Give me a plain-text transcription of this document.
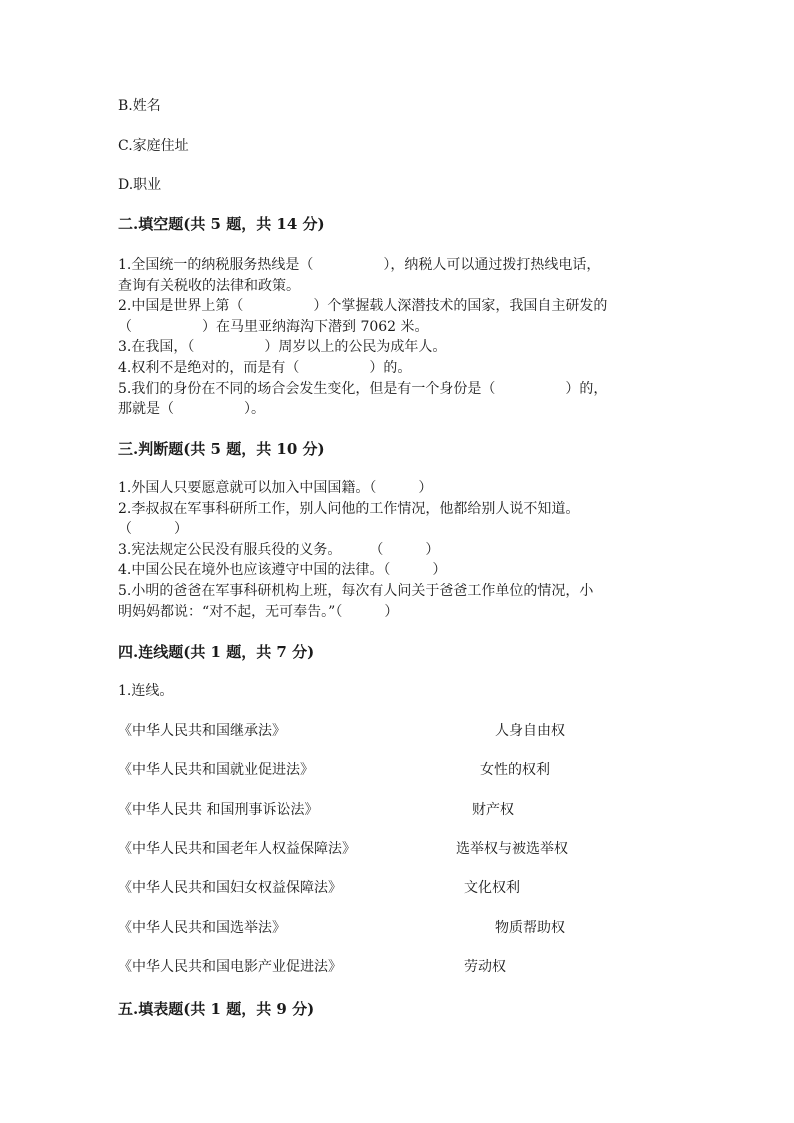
B.姓名
C.家庭住址
D.职业
二.填空题(共 5 题，共 14 分)
1.全国统一的纳税服务热线是（　　　　　），纳税人可以通过拨打热线电话，
查询有关税收的法律和政策。
2.中国是世界上第（　　　　　）个掌握载人深潜技术的国家，我国自主研发的
（　　　　　）在马里亚纳海沟下潜到 7062 米。
3.在我国，（　　　　　）周岁以上的公民为成年人。
4.权利不是绝对的，而是有（　　　　　）的。
5.我们的身份在不同的场合会发生变化，但是有一个身份是（　　　　　）的，
那就是（　　　　　）。
三.判断题(共 5 题，共 10 分)
1.外国人只要愿意就可以加入中国国籍。（　　　）
2.李叔叔在军事科研所工作，别人问他的工作情况，他都给别人说不知道。
（　　　）
3.宪法规定公民没有服兵役的义务。　　　（　　　）
4.中国公民在境外也应该遵守中国的法律。（　　　）
5.小明的爸爸在军事科研机构上班，每次有人问关于爸爸工作单位的情况，小
明妈妈都说：“对不起，无可奉告。”（　　　）
四.连线题(共 1 题，共 7 分)
1.连线。
《中华人民共和国继承法》	人身自由权
《中华人民共和国就业促进法》	女性的权利
《中华人民共 和国刑事诉讼法》	财产权
《中华人民共和国老年人权益保障法》	选举权与被选举权
《中华人民共和国妇女权益保障法》	文化权利
《中华人民共和国选举法》	物质帮助权
《中华人民共和国电影产业促进法》	劳动权
五.填表题(共 1 题，共 9 分)
